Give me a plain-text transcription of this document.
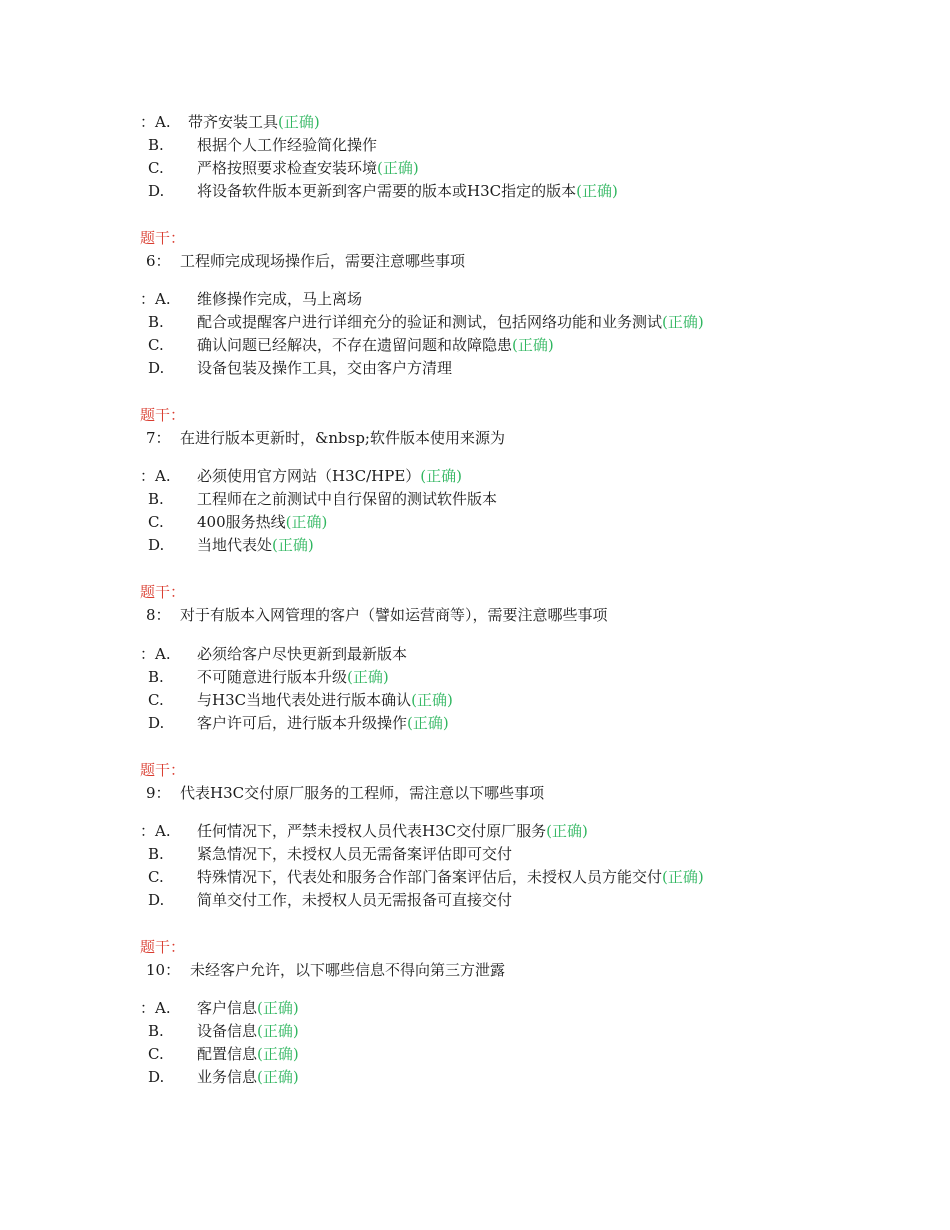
：A. 带齐安装工具(正确)
B. 根据个人工作经验简化操作
C. 严格按照要求检查安装环境(正确)
D. 将设备软件版本更新到客户需要的版本或H3C指定的版本(正确)
题干：
6： 工程师完成现场操作后，需要注意哪些事项
：A. 维修操作完成，马上离场
B. 配合或提醒客户进行详细充分的验证和测试，包括网络功能和业务测试(正确)
C. 确认问题已经解决，不存在遗留问题和故障隐患(正确)
D. 设备包装及操作工具，交由客户方清理
题干：
7： 在进行版本更新时，&nbsp;软件版本使用来源为
：A. 必须使用官方网站（H3C/HPE）(正确)
B. 工程师在之前测试中自行保留的测试软件版本
C. 400服务热线(正确)
D. 当地代表处(正确)
题干：
8： 对于有版本入网管理的客户（譬如运营商等），需要注意哪些事项
：A. 必须给客户尽快更新到最新版本
B. 不可随意进行版本升级(正确)
C. 与H3C当地代表处进行版本确认(正确)
D. 客户许可后，进行版本升级操作(正确)
题干：
9： 代表H3C交付原厂服务的工程师，需注意以下哪些事项
：A. 任何情况下，严禁未授权人员代表H3C交付原厂服务(正确)
B. 紧急情况下，未授权人员无需备案评估即可交付
C. 特殊情况下，代表处和服务合作部门备案评估后，未授权人员方能交付(正确)
D. 简单交付工作，未授权人员无需报备可直接交付
题干：
10： 未经客户允许，以下哪些信息不得向第三方泄露
：A. 客户信息(正确)
B. 设备信息(正确)
C. 配置信息(正确)
D. 业务信息(正确)
